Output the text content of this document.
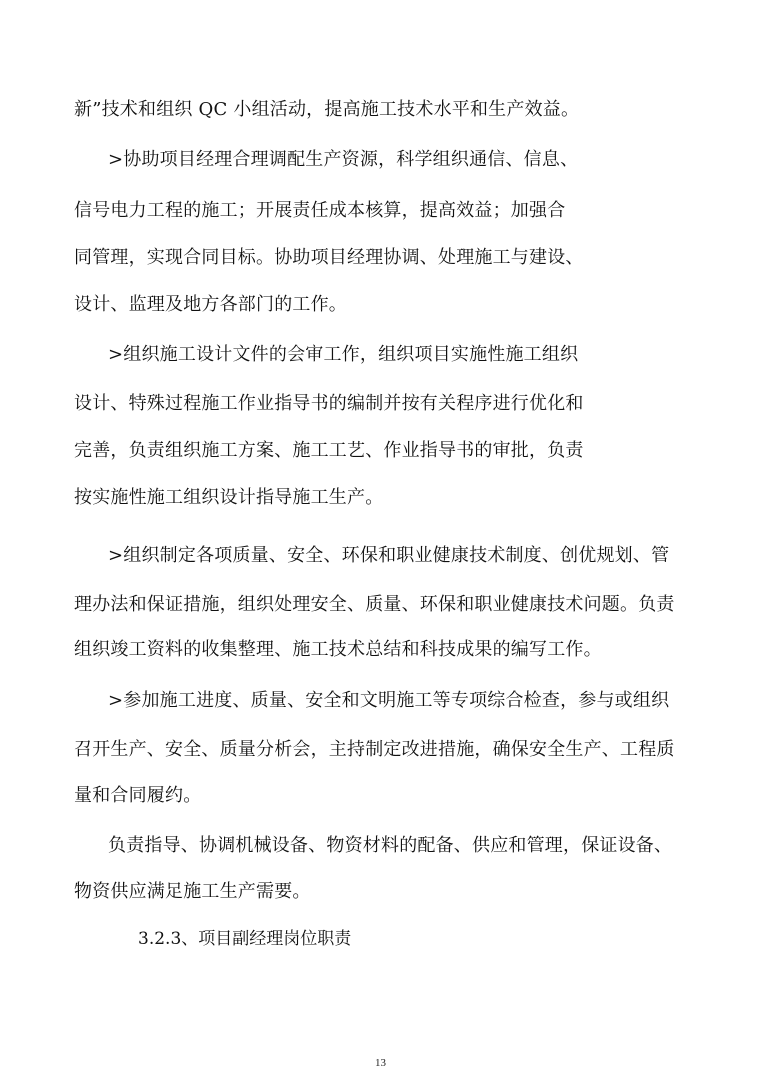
新”技术和组织 QC 小组活动，提高施工技术水平和生产效益。
>协助项目经理合理调配生产资源，科学组织通信、信息、
信号电力工程的施工；开展责任成本核算，提高效益；加强合
同管理，实现合同目标。协助项目经理协调、处理施工与建设、
设计、监理及地方各部门的工作。
>组织施工设计文件的会审工作，组织项目实施性施工组织
设计、特殊过程施工作业指导书的编制并按有关程序进行优化和
完善，负责组织施工方案、施工工艺、作业指导书的审批，负责
按实施性施工组织设计指导施工生产。
>组织制定各项质量、安全、环保和职业健康技术制度、创优规划、管
理办法和保证措施，组织处理安全、质量、环保和职业健康技术问题。负责
组织竣工资料的收集整理、施工技术总结和科技成果的编写工作。
>参加施工进度、质量、安全和文明施工等专项综合检查，参与或组织
召开生产、安全、质量分析会，主持制定改进措施，确保安全生产、工程质
量和合同履约。
负责指导、协调机械设备、物资材料的配备、供应和管理，保证设备、
物资供应满足施工生产需要。
3.2.3、项目副经理岗位职责
13
